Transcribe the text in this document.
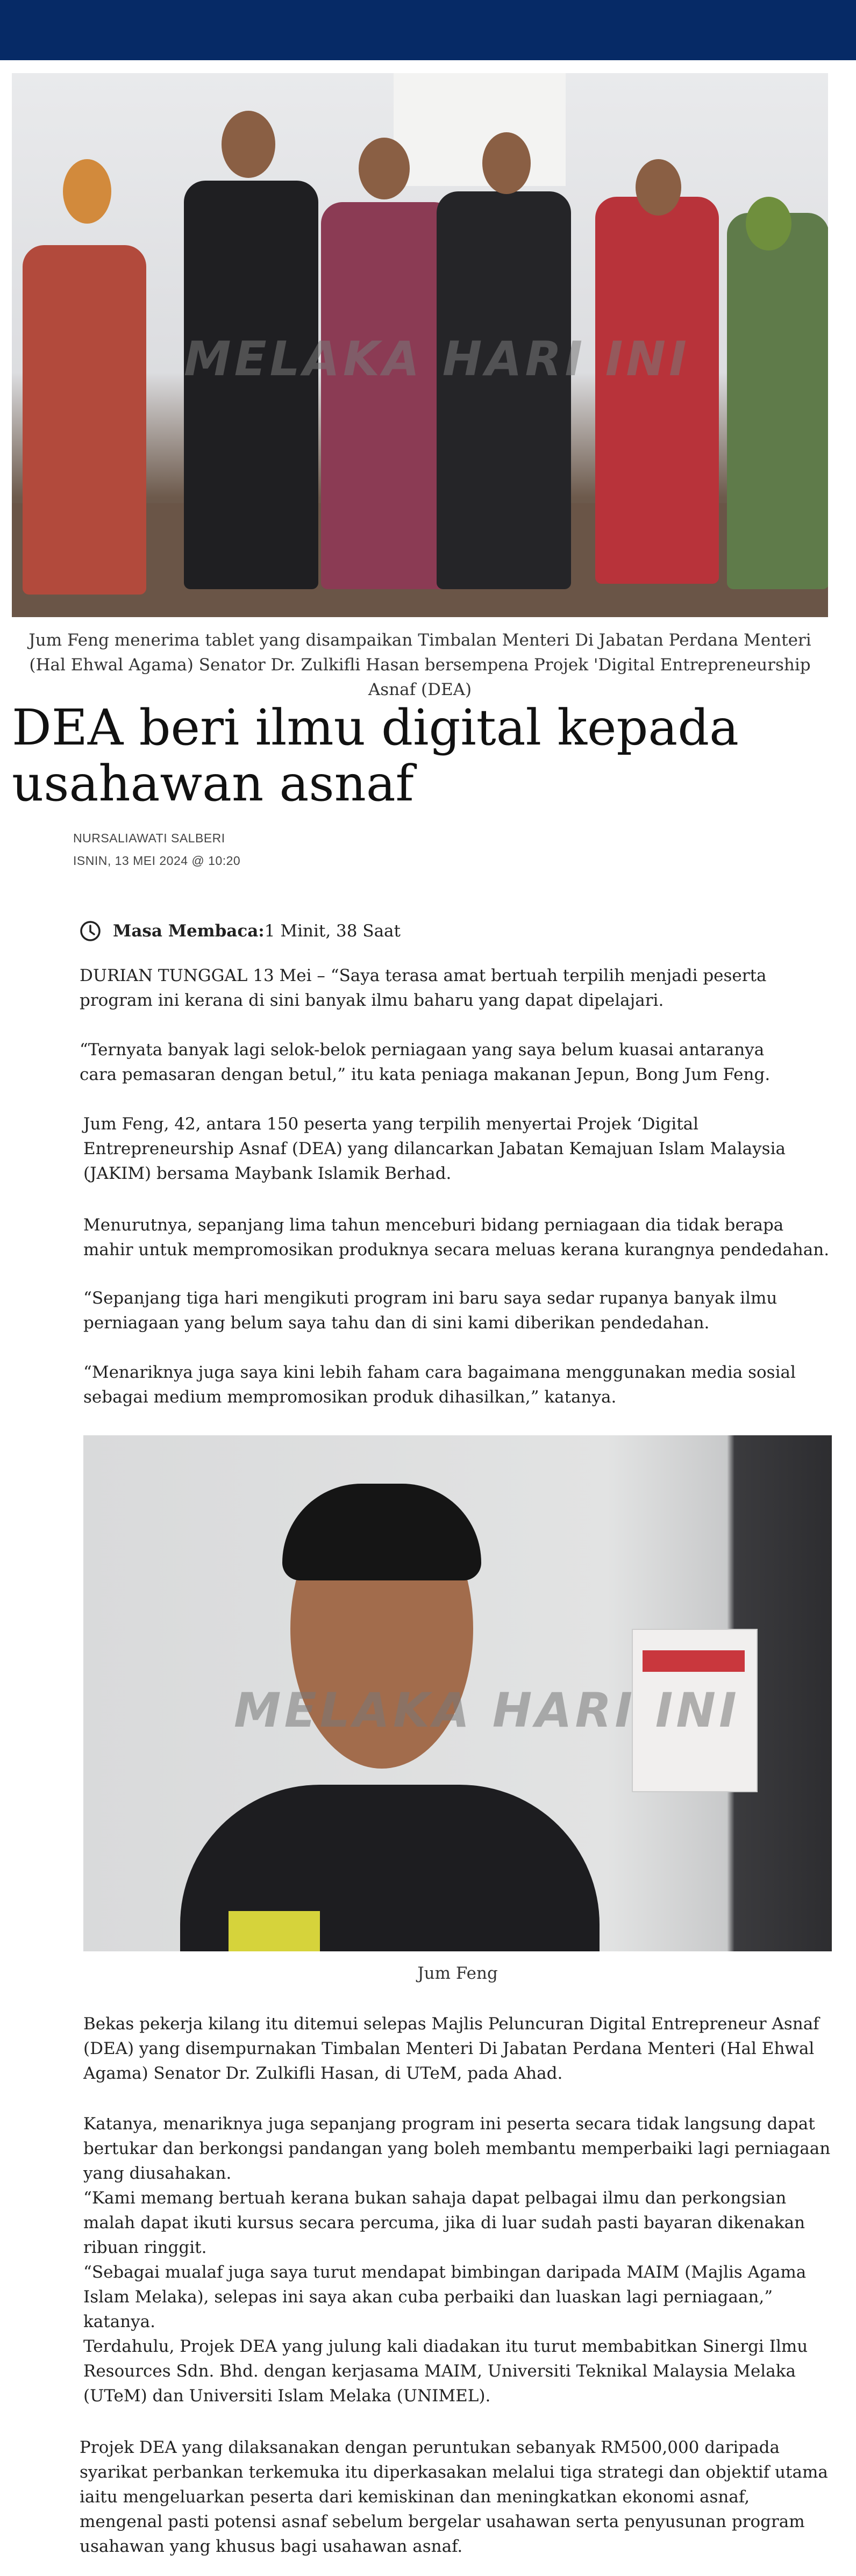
MELAKA HARI INI
Jum Feng menerima tablet yang disampaikan Timbalan Menteri Di Jabatan Perdana Menteri (Hal Ehwal Agama) Senator Dr. Zulkifli Hasan bersempena Projek 'Digital Entrepreneurship Asnaf (DEA)
DEA beri ilmu digital kepada usahawan asnaf
NURSALIAWATI SALBERI
ISNIN, 13 MEI 2024 @ 10:20
Masa Membaca: 1 Minit, 38 Saat

DURIAN TUNGGAL 13 Mei – “Saya terasa amat bertuah terpilih menjadi peserta program ini kerana di sini banyak ilmu baharu yang dapat dipelajari.

“Ternyata banyak lagi selok-belok perniagaan yang saya belum kuasai antaranya cara pemasaran dengan betul,” itu kata peniaga makanan Jepun, Bong Jum Feng.

Jum Feng, 42, antara 150 peserta yang terpilih menyertai Projek ‘Digital Entrepreneurship Asnaf (DEA) yang dilancarkan Jabatan Kemajuan Islam Malaysia (JAKIM) bersama Maybank Islamik Berhad.

Menurutnya, sepanjang lima tahun menceburi bidang perniagaan dia tidak berapa mahir untuk mempromosikan produknya secara meluas kerana kurangnya pendedahan.

“Sepanjang tiga hari mengikuti program ini baru saya sedar rupanya banyak ilmu perniagaan yang belum saya tahu dan di sini kami diberikan pendedahan.

“Menariknya juga saya kini lebih faham cara bagaimana menggunakan media sosial sebagai medium mempromosikan produk dihasilkan,” katanya.

MELAKA HARI INI
Jum Feng

Bekas pekerja kilang itu ditemui selepas Majlis Peluncuran Digital Entrepreneur Asnaf (DEA) yang disempurnakan Timbalan Menteri Di Jabatan Perdana Menteri (Hal Ehwal Agama) Senator Dr. Zulkifli Hasan, di UTeM, pada Ahad.

Katanya, menariknya juga sepanjang program ini peserta secara tidak langsung dapat bertukar dan berkongsi pandangan yang boleh membantu memperbaiki lagi perniagaan yang diusahakan.

“Kami memang bertuah kerana bukan sahaja dapat pelbagai ilmu dan perkongsian malah dapat ikuti kursus secara percuma, jika di luar sudah pasti bayaran dikenakan ribuan ringgit.

“Sebagai mualaf juga saya turut mendapat bimbingan daripada MAIM (Majlis Agama Islam Melaka), selepas ini saya akan cuba perbaiki dan luaskan lagi perniagaan,” katanya.

Terdahulu, Projek DEA yang julung kali diadakan itu turut membabitkan Sinergi Ilmu Resources Sdn. Bhd. dengan kerjasama MAIM, Universiti Teknikal Malaysia Melaka (UTeM) dan Universiti Islam Melaka (UNIMEL).

Projek DEA yang dilaksanakan dengan peruntukan sebanyak RM500,000 daripada syarikat perbankan terkemuka itu diperkasakan melalui tiga strategi dan objektif utama iaitu mengeluarkan peserta dari kemiskinan dan meningkatkan ekonomi asnaf, mengenal pasti potensi asnaf sebelum bergelar usahawan serta penyusunan program usahawan yang khusus bagi usahawan asnaf.
